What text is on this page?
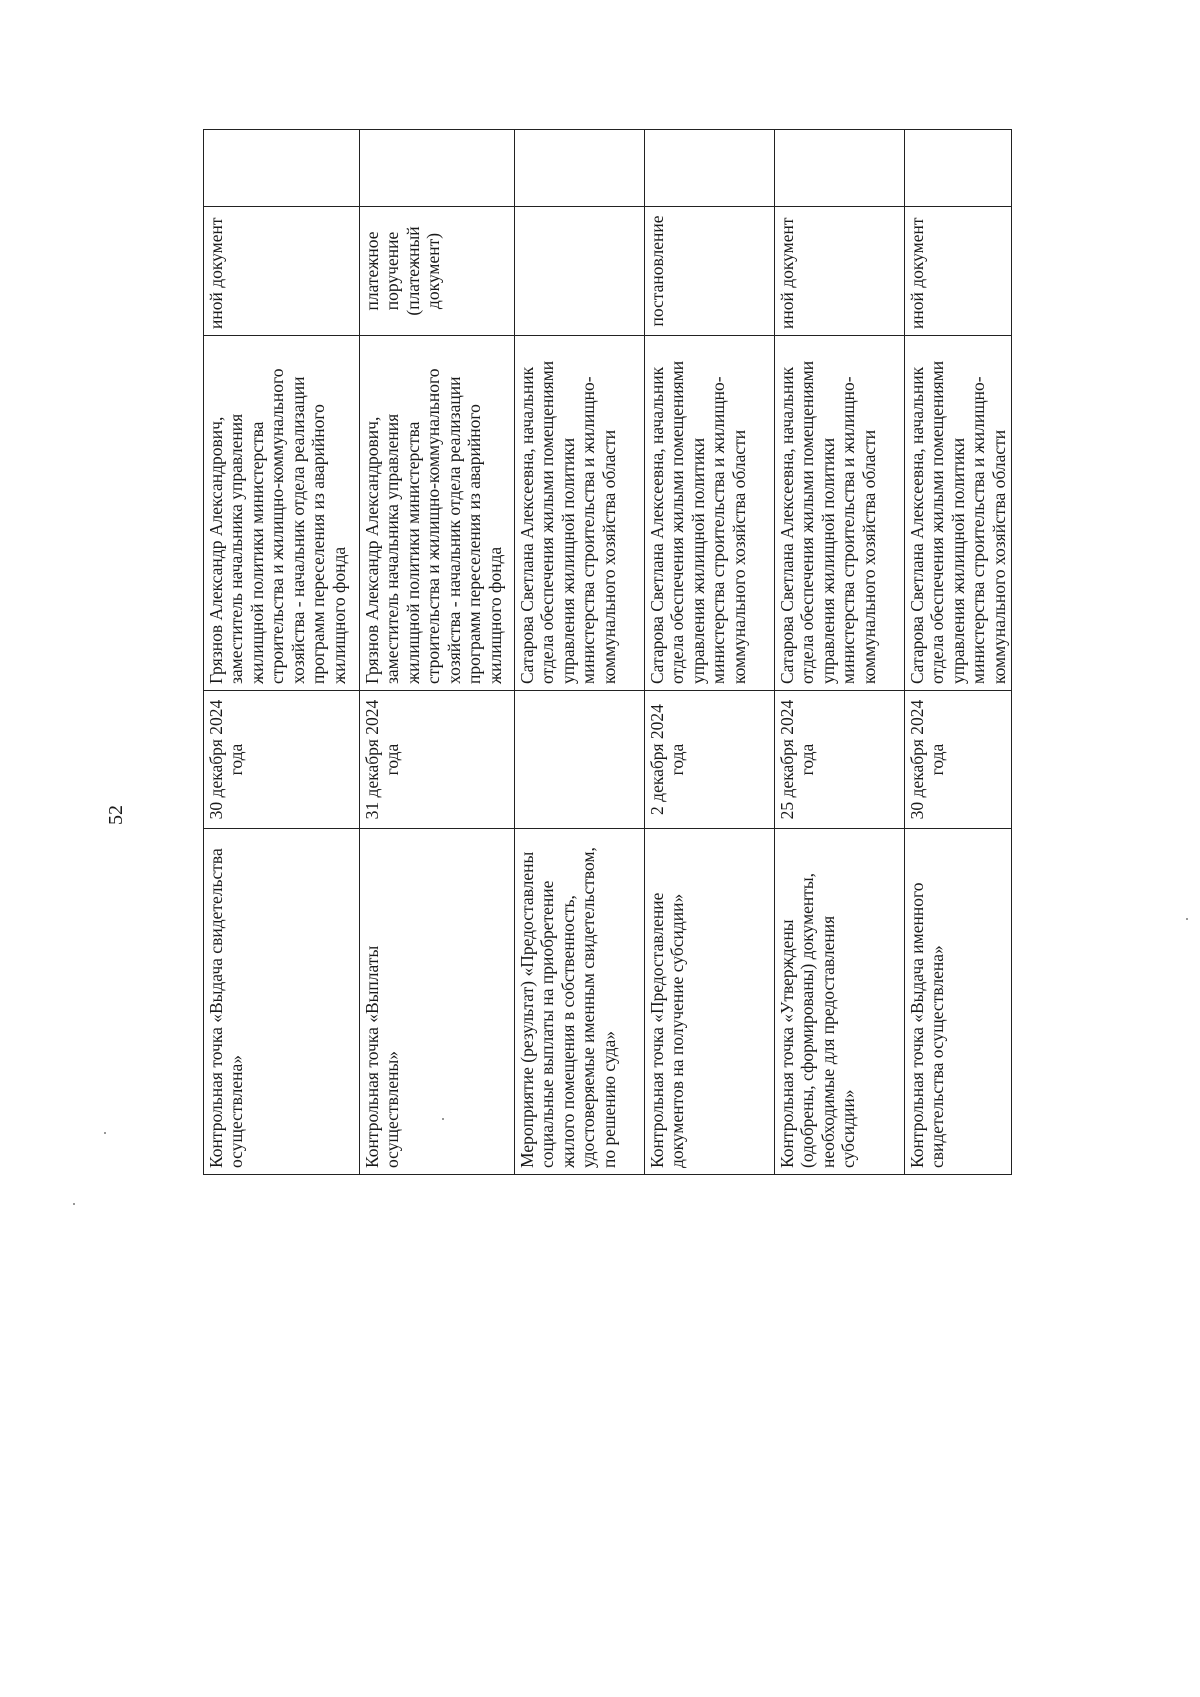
52
Контрольная точка «Выдача свидетельства осуществлена»	30 декабря 2024 года	Грязнов Александр Александрович, заместитель начальника управления жилищной политики министерства строительства и жилищно-коммунального хозяйства - начальник отдела реализации программ переселения из аварийного жилищного фонда	иной документ	
Контрольная точка «Выплаты осуществлены»	31 декабря 2024 года	Грязнов Александр Александрович, заместитель начальника управления жилищной политики министерства строительства и жилищно-коммунального хозяйства - начальник отдела реализации программ переселения из аварийного жилищного фонда	платежное поручение (платежный документ)	
Мероприятие (результат) «Предоставлены социальные выплаты на приобретение жилого помещения в собственность, удостоверяемые именным свидетельством, по решению суда»		Сатарова Светлана Алексеевна, начальник отдела обеспечения жилыми помещениями управления жилищной политики министерства строительства и жилищно-коммунального хозяйства области		
Контрольная точка «Предоставление документов на получение субсидии»	2 декабря 2024 года	Сатарова Светлана Алексеевна, начальник отдела обеспечения жилыми помещениями управления жилищной политики министерства строительства и жилищно-коммунального хозяйства области	постановление	
Контрольная точка «Утверждены (одобрены, сформированы) документы, необходимые для предоставления субсидии»	25 декабря 2024 года	Сатарова Светлана Алексеевна, начальник отдела обеспечения жилыми помещениями управления жилищной политики министерства строительства и жилищно-коммунального хозяйства области	иной документ	
Контрольная точка «Выдача именного свидетельства осуществлена»	30 декабря 2024 года	Сатарова Светлана Алексеевна, начальник отдела обеспечения жилыми помещениями управления жилищной политики министерства строительства и жилищно-коммунального хозяйства области	иной документ	
